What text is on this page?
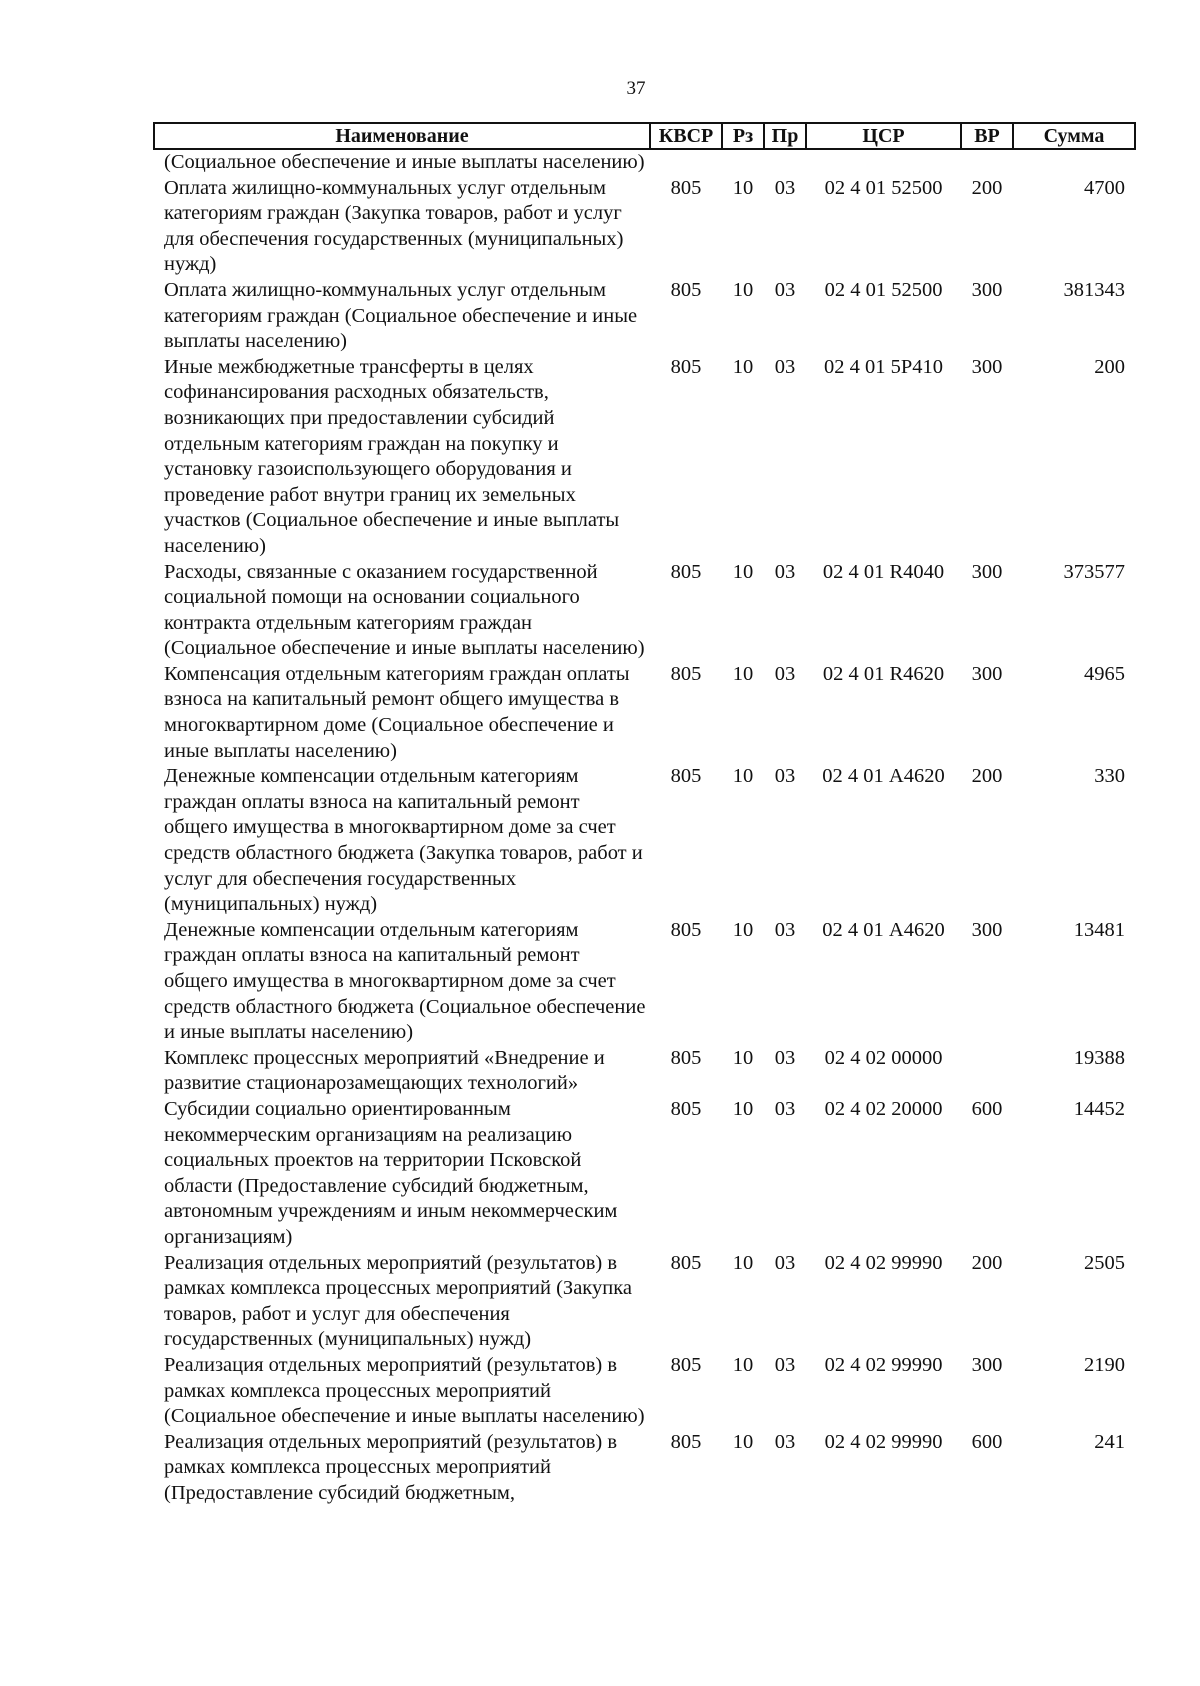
37
Наименование	КВСР	Рз	Пр	ЦСР	ВР	Сумма
(Социальное обеспечение и иные выплаты населению)						
Оплата жилищно-коммунальных услуг отдельным категориям граждан (Закупка товаров, работ и услуг для обеспечения государственных (муниципальных) нужд)	805	10	03	02 4 01 52500	200	4700
Оплата жилищно-коммунальных услуг отдельным категориям граждан (Социальное обеспечение и иные выплаты населению)	805	10	03	02 4 01 52500	300	381343
Иные межбюджетные трансферты в целях софинансирования расходных обязательств, возникающих при предоставлении субсидий отдельным категориям граждан на покупку и установку газоиспользующего оборудования и проведение работ внутри границ их земельных участков (Социальное обеспечение и иные выплаты населению)	805	10	03	02 4 01 5Р410	300	200
Расходы, связанные с оказанием государственной социальной помощи на основании социального контракта отдельным категориям граждан (Социальное обеспечение и иные выплаты населению)	805	10	03	02 4 01 R4040	300	373577
Компенсация отдельным категориям граждан оплаты взноса на капитальный ремонт общего имущества в многоквартирном доме (Социальное обеспечение и иные выплаты населению)	805	10	03	02 4 01 R4620	300	4965
Денежные компенсации отдельным категориям граждан оплаты взноса на капитальный ремонт общего имущества в многоквартирном доме за счет средств областного бюджета (Закупка товаров, работ и услуг для обеспечения государственных (муниципальных) нужд)	805	10	03	02 4 01 А4620	200	330
Денежные компенсации отдельным категориям граждан оплаты взноса на капитальный ремонт общего имущества в многоквартирном доме за счет средств областного бюджета (Социальное обеспечение и иные выплаты населению)	805	10	03	02 4 01 А4620	300	13481
Комплекс процессных мероприятий «Внедрение и развитие стационарозамещающих технологий»	805	10	03	02 4 02 00000		19388
Субсидии социально ориентированным некоммерческим организациям на реализацию социальных проектов на территории Псковской области (Предоставление субсидий бюджетным, автономным учреждениям и иным некоммерческим организациям)	805	10	03	02 4 02 20000	600	14452
Реализация отдельных мероприятий (результатов) в рамках комплекса процессных мероприятий (Закупка товаров, работ и услуг для обеспечения государственных (муниципальных) нужд)	805	10	03	02 4 02 99990	200	2505
Реализация отдельных мероприятий (результатов) в рамках комплекса процессных мероприятий (Социальное обеспечение и иные выплаты населению)	805	10	03	02 4 02 99990	300	2190
Реализация отдельных мероприятий (результатов) в рамках комплекса процессных мероприятий (Предоставление субсидий бюджетным,	805	10	03	02 4 02 99990	600	241
